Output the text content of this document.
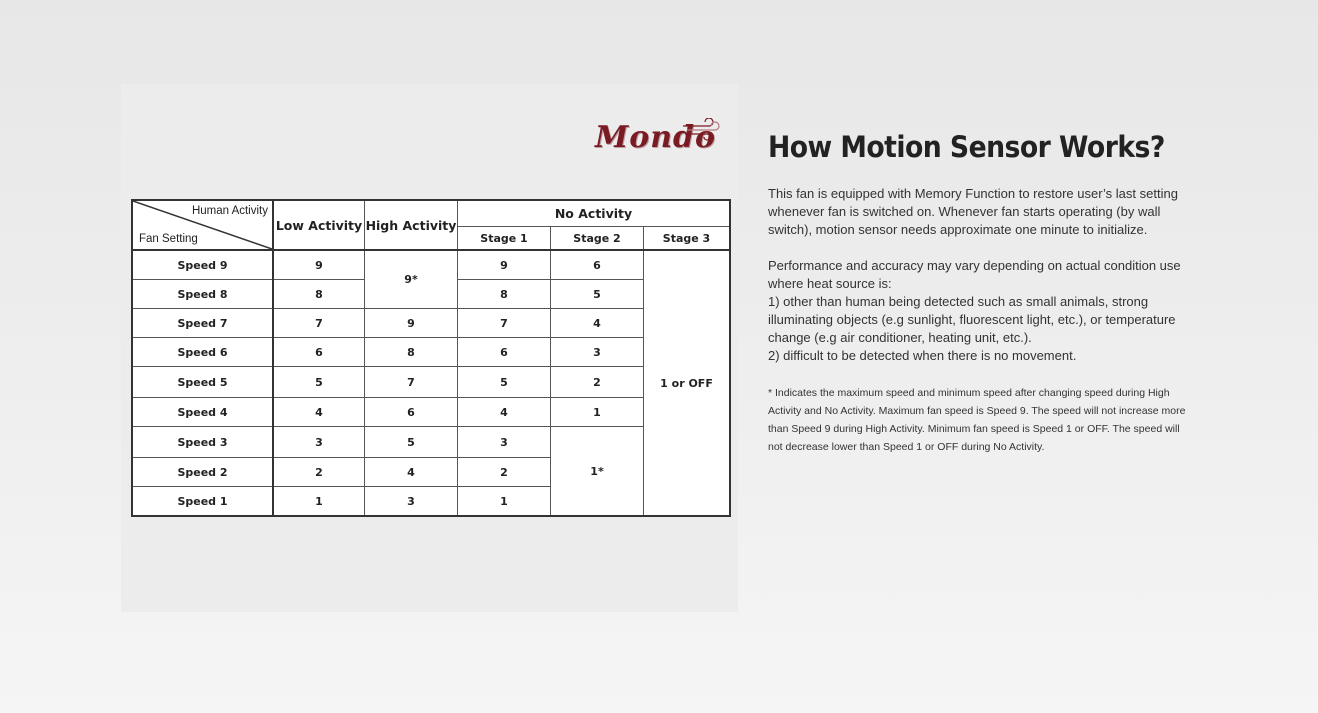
Mondo
Human Activity
Fan Setting	Low Activity	High Activity	No Activity		
			Stage 1	Stage 2	Stage 3
Speed 9	9	9*	9	6	1 or OFF
Speed 8	8		8	5	
Speed 7	7	9	7	4	
Speed 6	6	8	6	3	
Speed 5	5	7	5	2	
Speed 4	4	6	4	1	
Speed 3	3	5	3	1*	
Speed 2	2	4	2		
Speed 1	1	3	1		
How Motion Sensor Works?

This fan is equipped with Memory Function to restore user’s last setting whenever fan is switched on. Whenever fan starts operating (by wall switch), motion sensor needs approximate one minute to initialize.

Performance and accuracy may vary depending on actual condition use where heat source is:
1) other than human being detected such as small animals, strong illuminating objects (e.g sunlight, fluorescent light, etc.), or temperature change (e.g air conditioner, heating unit, etc.).
2) difficult to be detected when there is no movement.

* Indicates the maximum speed and minimum speed after changing speed during High Activity and No Activity. Maximum fan speed is Speed 9. The speed will not increase more than Speed 9 during High Activity. Minimum fan speed is Speed 1 or OFF. The speed will not decrease lower than Speed 1 or OFF during No Activity.
